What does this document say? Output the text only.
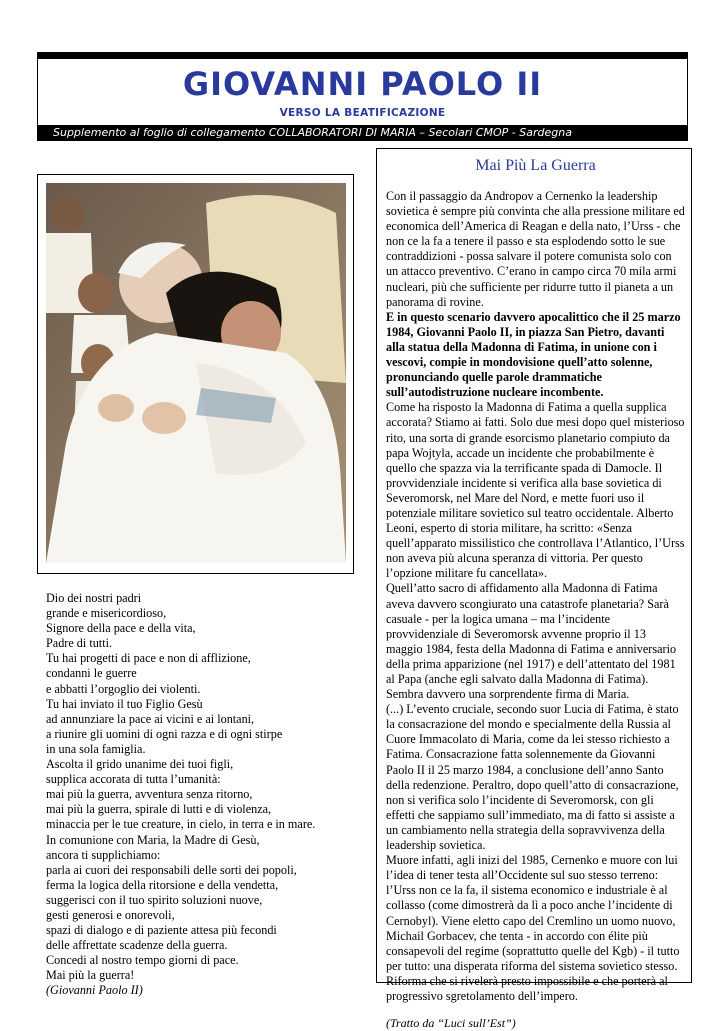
GIOVANNI PAOLO II
VERSO LA BEATIFICAZIONE
Supplemento al foglio di collegamento COLLABORATORI DI MARIA – Secolari CMOP - Sardegna
Dio dei nostri padri
grande e misericordioso,
Signore della pace e della vita,
Padre di tutti.
Tu hai progetti di pace e non di afflizione,
condanni le guerre
e abbatti l’orgoglio dei violenti.
Tu hai inviato il tuo Figlio Gesù
ad annunziare la pace ai vicini e ai lontani,
a riunire gli uomini di ogni razza e di ogni stirpe
in una sola famiglia.
Ascolta il grido unanime dei tuoi figli,
supplica accorata di tutta l’umanità:
mai più la guerra, avventura senza ritorno,
mai più la guerra, spirale di lutti e di violenza,
minaccia per le tue creature, in cielo, in terra e in mare.
In comunione con Maria, la Madre di Gesù,
ancora ti supplichiamo:
parla ai cuori dei responsabili delle sorti dei popoli,
ferma la logica della ritorsione e della vendetta,
suggerisci con il tuo spirito soluzioni nuove,
gesti generosi e onorevoli,
spazi di dialogo e di paziente attesa più fecondi
delle affrettate scadenze della guerra.
Concedi al nostro tempo giorni di pace.
Mai più la guerra!
(Giovanni Paolo II)
Mai Più La Guerra

Con il passaggio da Andropov a Cernenko la leadership sovietica è sempre più convinta che alla pressione militare ed economica dell’America di Reagan e della nato, l’Urss - che non ce la fa a tenere il passo e sta esplodendo sotto le sue contraddizioni - possa salvare il potere comunista solo con un attacco preventivo. C’erano in campo circa 70 mila armi nucleari, più che sufficiente per ridurre tutto il pianeta a un panorama di rovine.

E in questo scenario davvero apocalittico che il 25 marzo 1984, Giovanni Paolo II, in piazza San Pietro, davanti alla statua della Madonna di Fatima, in unione con i vescovi, compie in mondovisione quell’atto solenne, pronunciando quelle parole drammatiche sull’autodistruzione nucleare incombente.

Come ha risposto la Madonna di Fatima a quella supplica accorata? Stiamo ai fatti. Solo due mesi dopo quel misterioso rito, una sorta di grande esorcismo planetario compiuto da papa Wojtyla, accade un incidente che probabilmente è quello che spazza via la terrificante spada di Damocle. Il provvidenziale incidente si verifica alla base sovietica di Severomorsk, nel Mare del Nord, e mette fuori uso il potenziale militare sovietico sul teatro occidentale. Alberto Leoni, esperto di storia militare, ha scritto: «Senza quell’apparato missilistico che controllava l’Atlantico, l’Urss non aveva più alcuna speranza di vittoria. Per questo l’opzione militare fu cancellata».

Quell’atto sacro di affidamento alla Madonna di Fatima aveva davvero scongiurato una catastrofe planetaria? Sarà casuale - per la logica umana – ma l’incidente provvidenziale di Severomorsk avvenne proprio il 13 maggio 1984, festa della Madonna di Fatima e anniversario della prima apparizione (nel 1917) e dell’attentato del 1981 al Papa (anche egli salvato dalla Madonna di Fatima). Sembra davvero una sorprendente firma di Maria.

(...) L’evento cruciale, secondo suor Lucia di Fatima, è stato la consacrazione del mondo e specialmente della Russia al Cuore Immacolato di Maria, come da lei stesso richiesto a Fatima. Consacrazione fatta solennemente da Giovanni Paolo II il 25 marzo 1984, a conclusione dell’anno Santo della redenzione. Peraltro, dopo quell’atto di consacrazione, non si verifica solo l’incidente di Severomorsk, con gli effetti che sappiamo sull’immediato, ma di fatto si assiste a un cambiamento nella strategia della sopravvivenza della leadership sovietica.

Muore infatti, agli inizi del 1985, Cernenko e muore con lui l’idea di tener testa all’Occidente sul suo stesso terreno: l’Urss non ce la fa, il sistema economico e industriale è al collasso (come dimostrerà da lì a poco anche l’incidente di Cernobyl). Viene eletto capo del Cremlino un uomo nuovo, Michail Gorbacev, che tenta - in accordo con élite più consapevoli del regime (soprattutto quelle del Kgb) - il tutto per tutto: una disperata riforma del sistema sovietico stesso. Riforma che si rivelerà presto impossibile e che porterà al progressivo sgretolamento dell’impero.

(Tratto da “Luci sull’Est”)
